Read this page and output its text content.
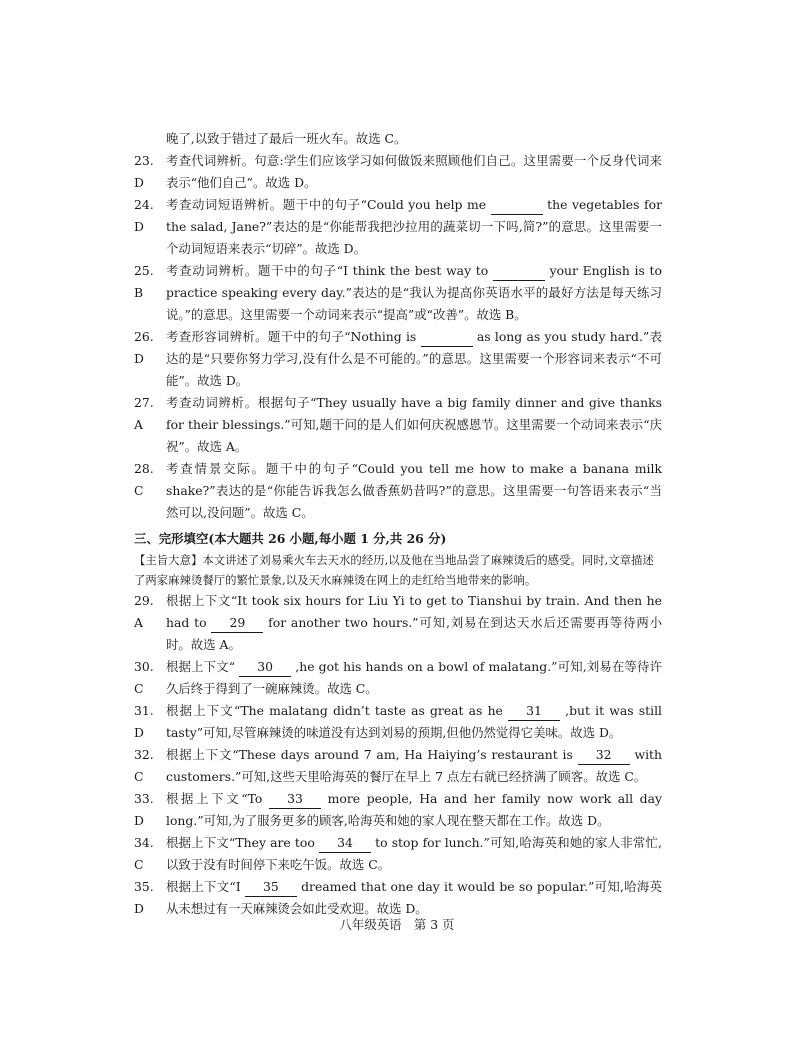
晚了,以致于错过了最后一班火车。故选 C。

23. D
考查代词辨析。句意:学生们应该学习如何做饭来照顾他们自己。这里需要一个反身代词来表示“他们自己”。故选 D。
24. D
考查动词短语辨析。题干中的句子“Could you help me	the vegetables for the salad, Jane?”表达的是“你能帮我把沙拉用的蔬菜切一下吗,简?”的意思。这里需要一个动词短语来表示“切碎”。故选 D。
25. B
考查动词辨析。题干中的句子“I think the best way to	your English is to practice speaking every day.”表达的是“我认为提高你英语水平的最好方法是每天练习说。”的意思。这里需要一个动词来表示“提高”或“改善”。故选 B。
26. D
考查形容词辨析。题干中的句子“Nothing is	as long as you study hard.”表达的是“只要你努力学习,没有什么是不可能的。”的意思。这里需要一个形容词来表示“不可能”。故选 D。
27. A
考查动词辨析。根据句子“They usually have a big family dinner and give thanks for their blessings.”可知,题干问的是人们如何庆祝感恩节。这里需要一个动词来表示“庆祝”。故选 A。
28. C
考查情景交际。题干中的句子“Could you tell me how to make a banana milk shake?”表达的是“你能告诉我怎么做香蕉奶昔吗?”的意思。这里需要一句答语来表示“当然可以,没问题”。故选 C。

三、完形填空(本大题共 26 小题,每小题 1 分,共 26 分)

【主旨大意】本文讲述了刘易乘火车去天水的经历,以及他在当地品尝了麻辣烫后的感受。同时,文章描述了两家麻辣烫餐厅的繁忙景象,以及天水麻辣烫在网上的走红给当地带来的影响。

29. A
根据上下文“It took six hours for Liu Yi to get to Tianshui by train. And then he had to 29 for another two hours.”可知,刘易在到达天水后还需要再等待两小时。故选 A。
30. C
根据上下文“ 30 ,he got his hands on a bowl of malatang.”可知,刘易在等待许久后终于得到了一碗麻辣烫。故选 C。
31. D
根据上下文“The malatang didn’t taste as great as he 31 ,but it was still tasty”可知,尽管麻辣烫的味道没有达到刘易的预期,但他仍然觉得它美味。故选 D。
32. C
根据上下文“These days around 7 am, Ha Haiying’s restaurant is 32 with customers.”可知,这些天里哈海英的餐厅在早上 7 点左右就已经挤满了顾客。故选 C。
33. D
根据上下文“To 33 more people, Ha and her family now work all day long.”可知,为了服务更多的顾客,哈海英和她的家人现在整天都在工作。故选 D。
34. C
根据上下文“They are too 34 to stop for lunch.”可知,哈海英和她的家人非常忙,以致于没有时间停下来吃午饭。故选 C。
35. D
根据上下文“I 35 dreamed that one day it would be so popular.”可知,哈海英从未想过有一天麻辣烫会如此受欢迎。故选 D。
八年级英语　第 3 页
